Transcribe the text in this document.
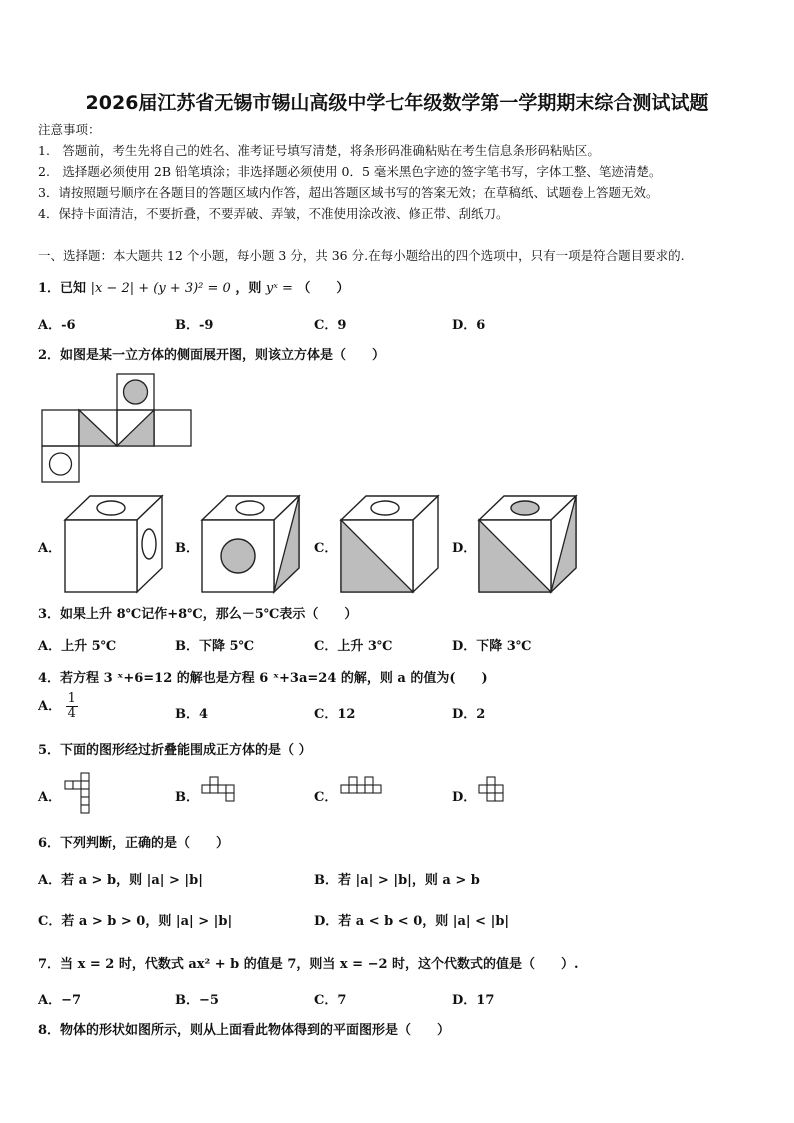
2026届江苏省无锡市锡山高级中学七年级数学第一学期期末综合测试试题
注意事项：
1.　答题前，考生先将自己的姓名、准考证号填写清楚，将条形码准确粘贴在考生信息条形码粘贴区。
2.　选择题必须使用 2B 铅笔填涂；非选择题必须使用 0．5 毫米黑色字迹的签字笔书写，字体工整、笔迹清楚。
3．请按照题号顺序在各题目的答题区域内作答，超出答题区域书写的答案无效；在草稿纸、试题卷上答题无效。
4．保持卡面清洁，不要折叠，不要弄破、弄皱，不准使用涂改液、修正带、刮纸刀。
一、选择题：本大题共 12 个小题，每小题 3 分，共 36 分.在每小题给出的四个选项中，只有一项是符合题目要求的.
1．已知 |x − 2| + (y + 3)² = 0 ，则 yˣ = （　　）
A．-6	B．-9	C．9	D．6
2．如图是某一立方体的侧面展开图，则该立方体是（　　）
A．	B．	C．	D．
3．如果上升 8℃记作+8℃，那么－5℃表示（　　）
A．上升 5℃	B．下降 5℃	C．上升 3℃	D．下降 3℃
4．若方程 3 ˣ+6=12 的解也是方程 6 ˣ+3a=24 的解，则 a 的值为(　　)
A． $\frac{1}{4}$	B．4	C．12	D．2
5．下面的图形经过折叠能围成正方体的是（ ）
A．	B．	C．	D．
6．下列判断，正确的是（　　）
A．若 a > b，则 |a| > |b|	B．若 |a| > |b|，则 a > b
C．若 a > b > 0，则 |a| > |b|	D．若 a < b < 0，则 |a| < |b|
7．当 x = 2 时，代数式 ax² + b 的值是 7，则当 x = −2 时，这个代数式的值是（　　）.
A．−7	B．−5	C．7	D．17
8．物体的形状如图所示，则从上面看此物体得到的平面图形是（　　）
